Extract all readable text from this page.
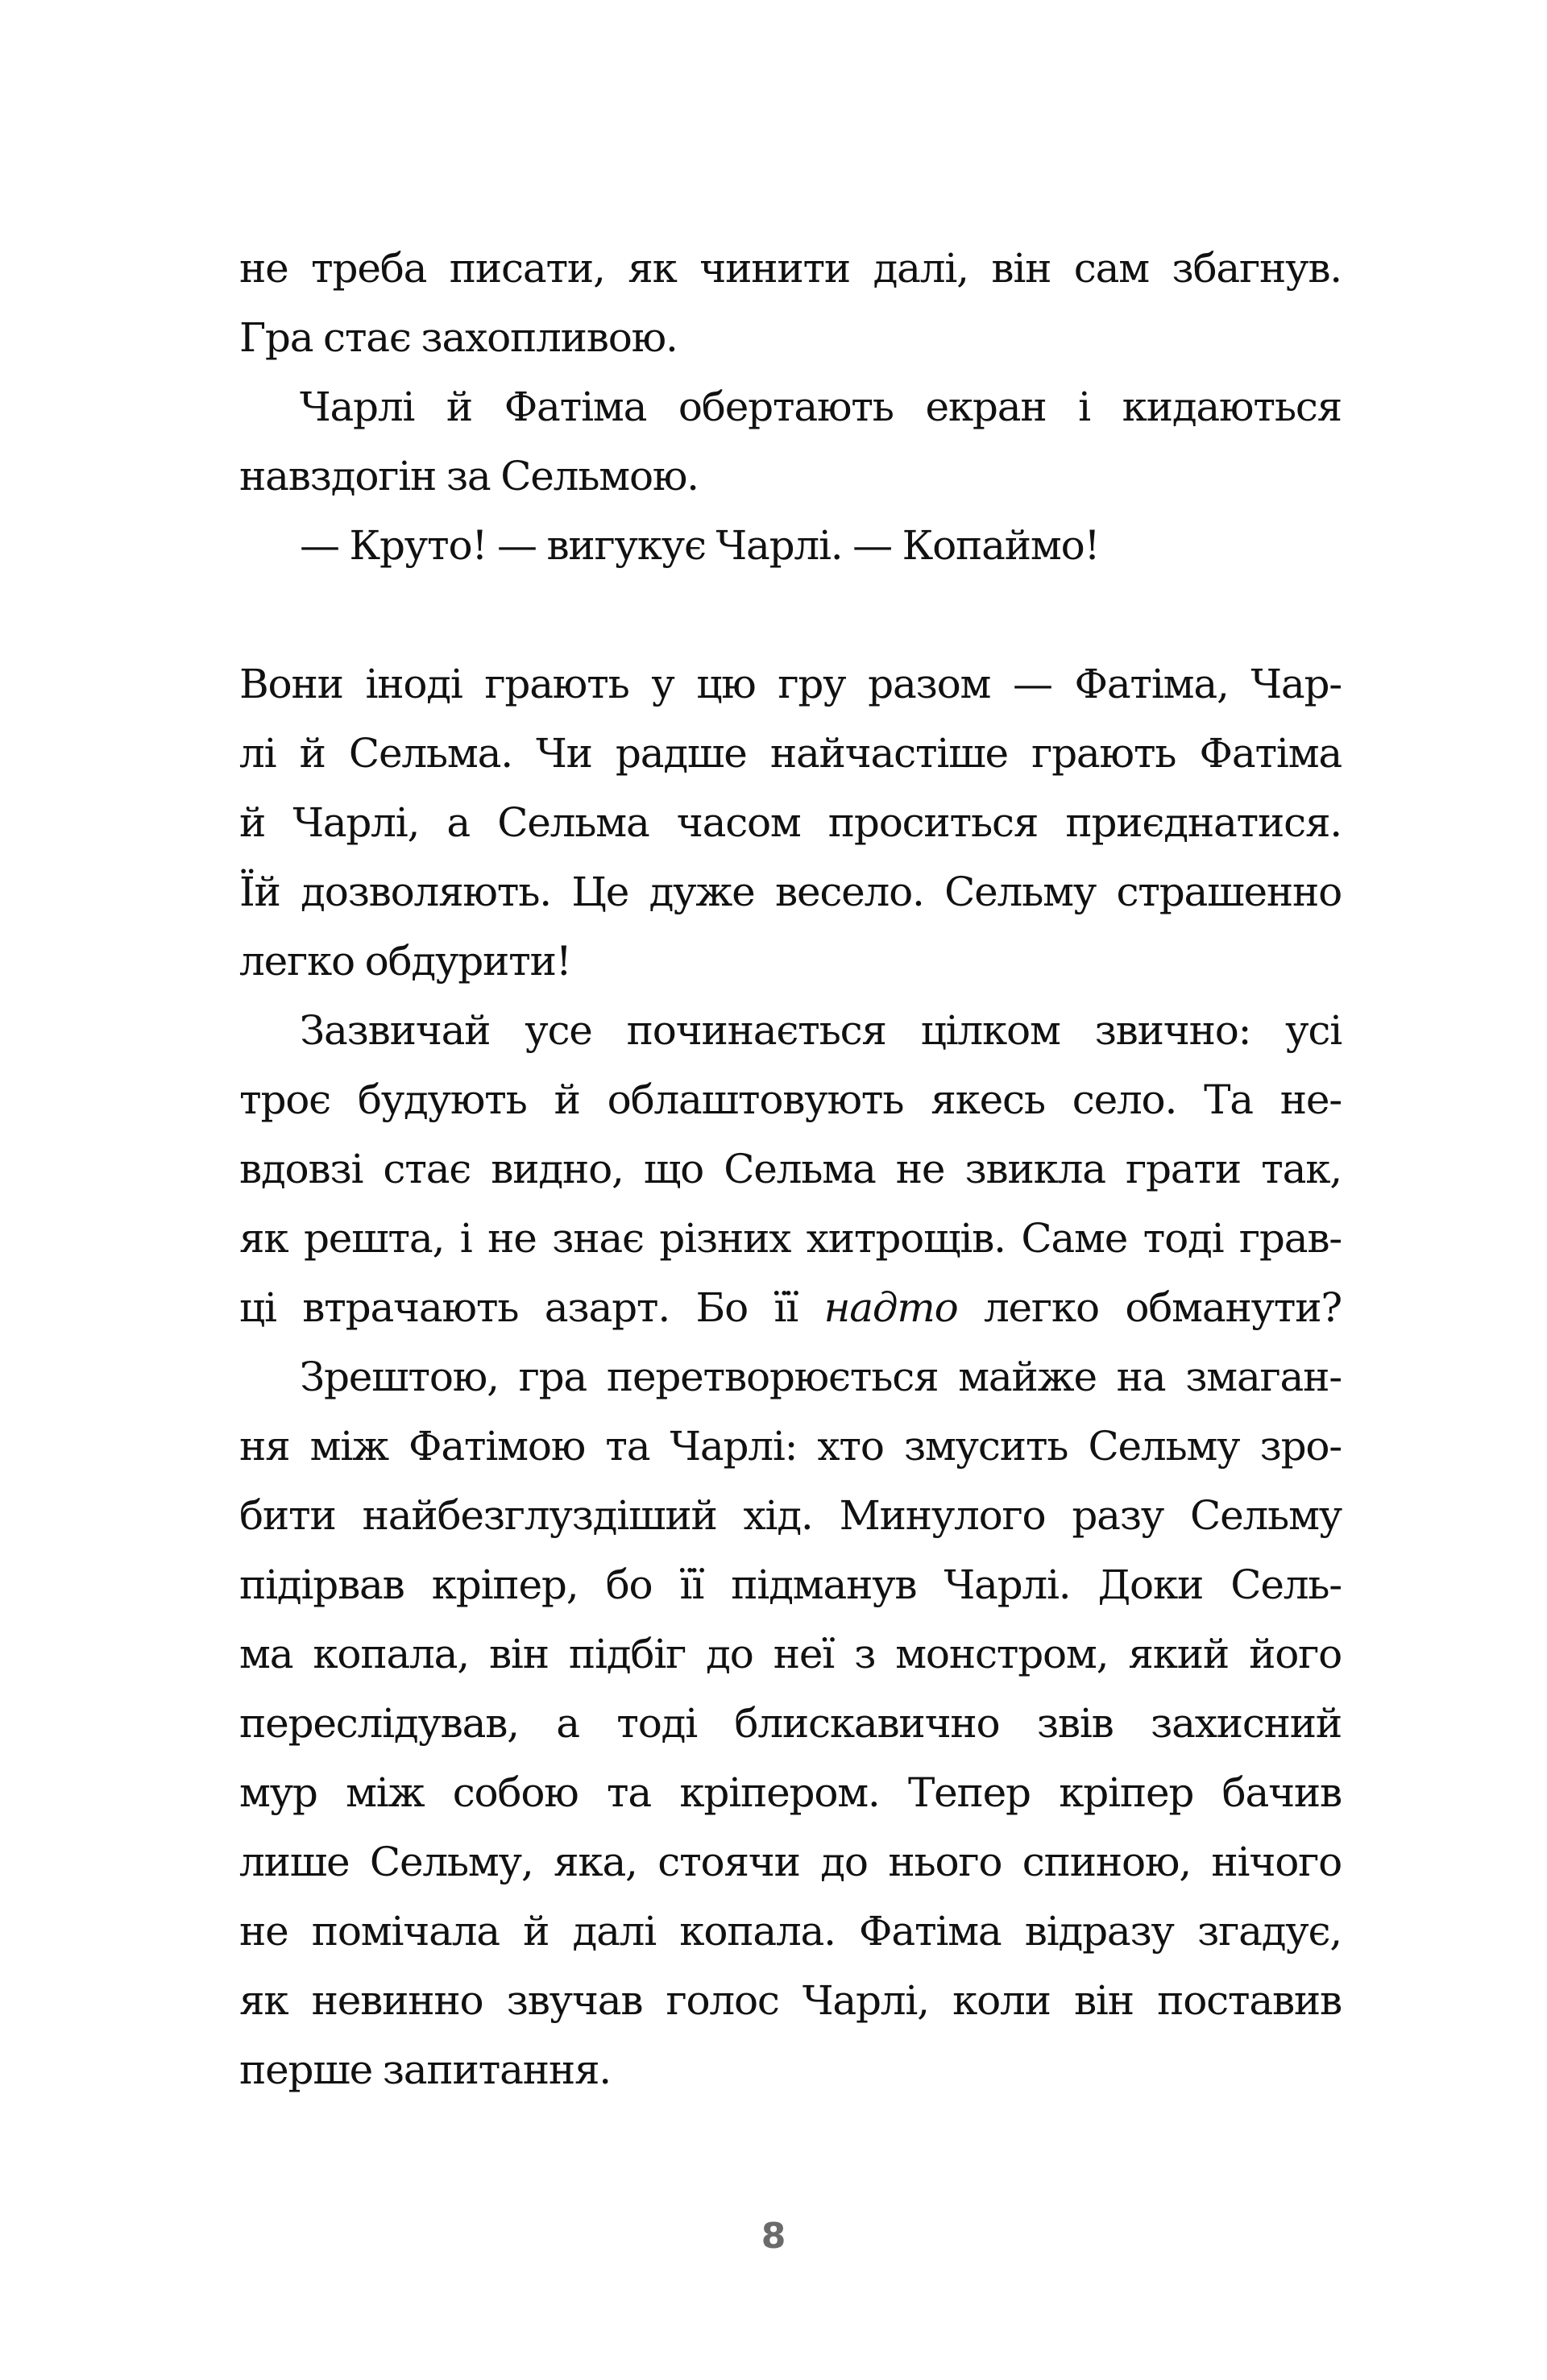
не треба писати, як чинити далі, він сам збагнув.
Гра стає захопливою.
Чарлі й Фатіма обертають екран і кидаються
навздогін за Сельмою.
— Круто! — вигукує Чарлі. — Копаймо!
Вони іноді грають у цю гру разом — Фатіма, Чар-
лі й Сельма. Чи радше найчастіше грають Фатіма
й Чарлі, а Сельма часом проситься приєднатися.
Їй дозволяють. Це дуже весело. Сельму страшенно
легко обдурити!
Зазвичай усе починається цілком звично: усі
троє будують й облаштовують якесь село. Та не-
вдовзі стає видно, що Сельма не звикла грати так,
як решта, і не знає різних хитрощів. Саме тоді грав-
ці втрачають азарт. Бо її надто легко обманути?
Зрештою, гра перетворюється майже на змаган-
ня між Фатімою та Чарлі: хто змусить Сельму зро-
бити найбезглуздіший хід. Минулого разу Сельму
підірвав кріпер, бо її підманув Чарлі. Доки Сель-
ма копала, він підбіг до неї з монстром, який його
переслідував, а тоді блискавично звів захисний
мур між собою та кріпером. Тепер кріпер бачив
лише Сельму, яка, стоячи до нього спиною, нічого
не помічала й далі копала. Фатіма відразу згадує,
як невинно звучав голос Чарлі, коли він поставив
перше запитання.
8
